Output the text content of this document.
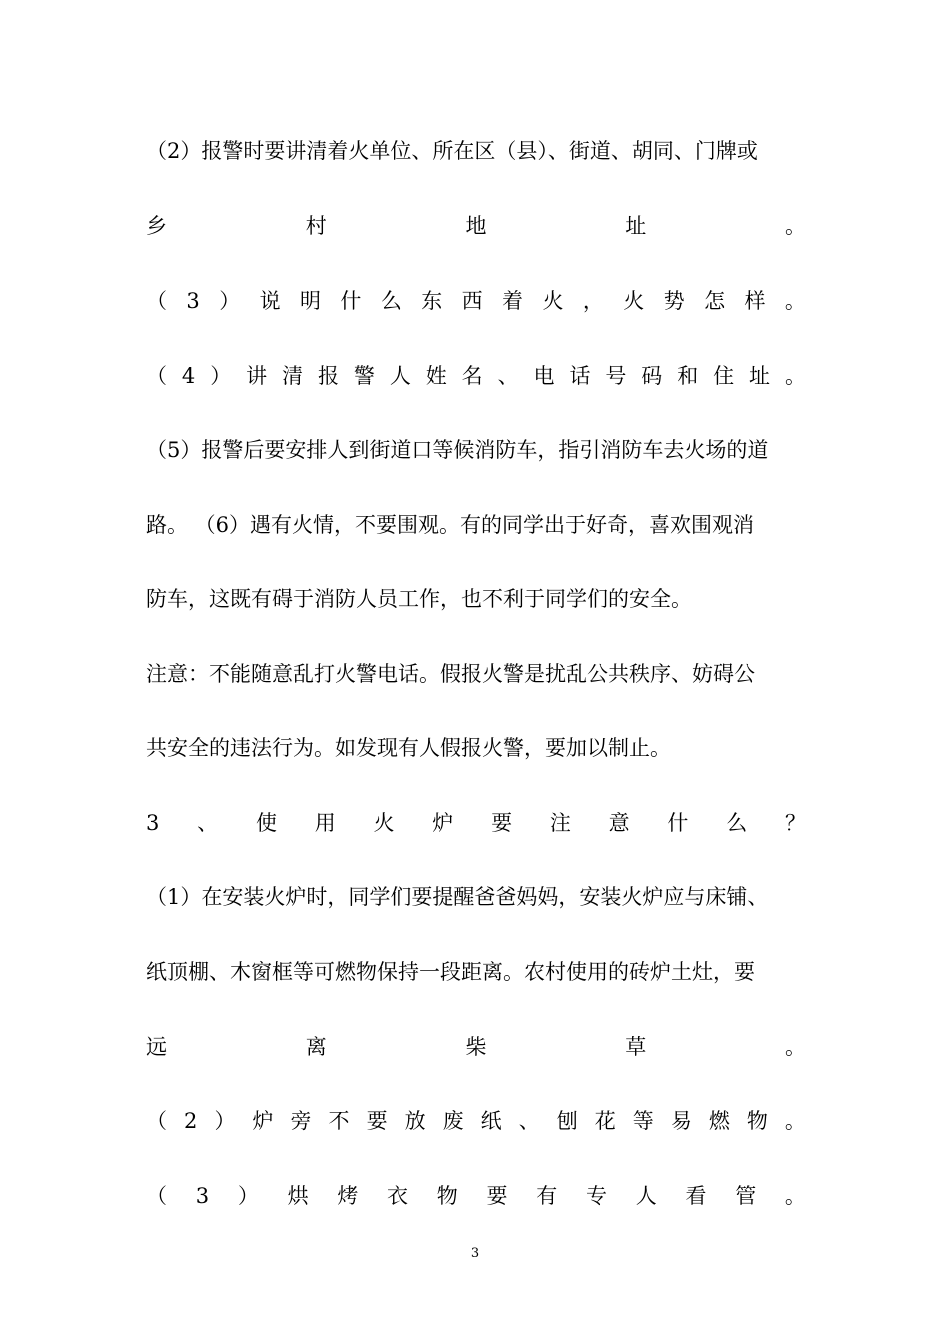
（2）报警时要讲清着火单位、所在区（县）、街道、胡同、门牌或
乡	村	地	址	。
（ 3 ） 说 明 什 么 东 西 着 火 ， 火 势 怎 样 。
（ 4 ） 讲 清 报 警 人 姓 名 、 电 话 号 码 和 住 址 。
（5）报警后要安排人到街道口等候消防车，指引消防车去火场的道
路。 （6）遇有火情，不要围观。有的同学出于好奇，喜欢围观消
防车，这既有碍于消防人员工作，也不利于同学们的安全。
注意：不能随意乱打火警电话。假报火警是扰乱公共秩序、妨碍公
共安全的违法行为。如发现有人假报火警，要加以制止。
3 、 使 用 火 炉 要 注 意 什 么 ？
（1）在安装火炉时，同学们要提醒爸爸妈妈，安装火炉应与床铺、
纸顶棚、木窗框等可燃物保持一段距离。农村使用的砖炉土灶，要
远	离	柴	草	。
（ 2 ） 炉 旁 不 要 放 废 纸 、 刨 花 等 易 燃 物 。
（ 3 ） 烘 烤 衣 物 要 有 专 人 看 管 。
3
